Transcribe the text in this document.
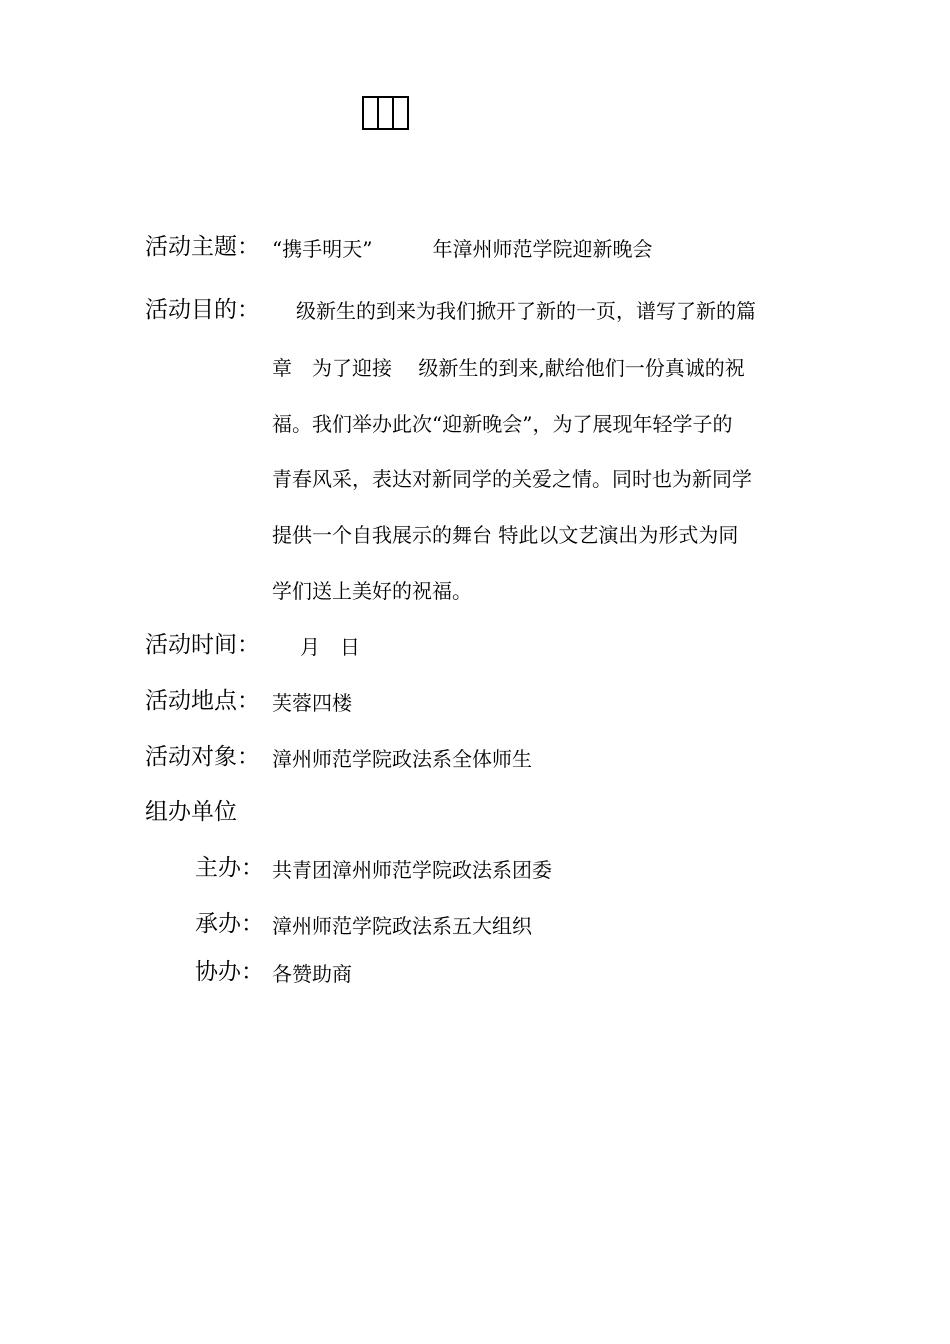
活动主题： “携手明天”　　　年漳州师范学院迎新晚会
活动目的： 级新生的到来为我们掀开了新的一页，谱写了新的篇
章　为了迎接　 级新生的到来,献给他们一份真诚的祝
福。我们举办此次“迎新晚会”，为了展现年轻学子的
青春风采，表达对新同学的关爱之情。同时也为新同学
提供一个自我展示的舞台 特此以文艺演出为形式为同
学们送上美好的祝福。
活动时间： 月　日
活动地点： 芙蓉四楼
活动对象： 漳州师范学院政法系全体师生
组办单位
主办： 共青团漳州师范学院政法系团委
承办： 漳州师范学院政法系五大组织
协办： 各赞助商
